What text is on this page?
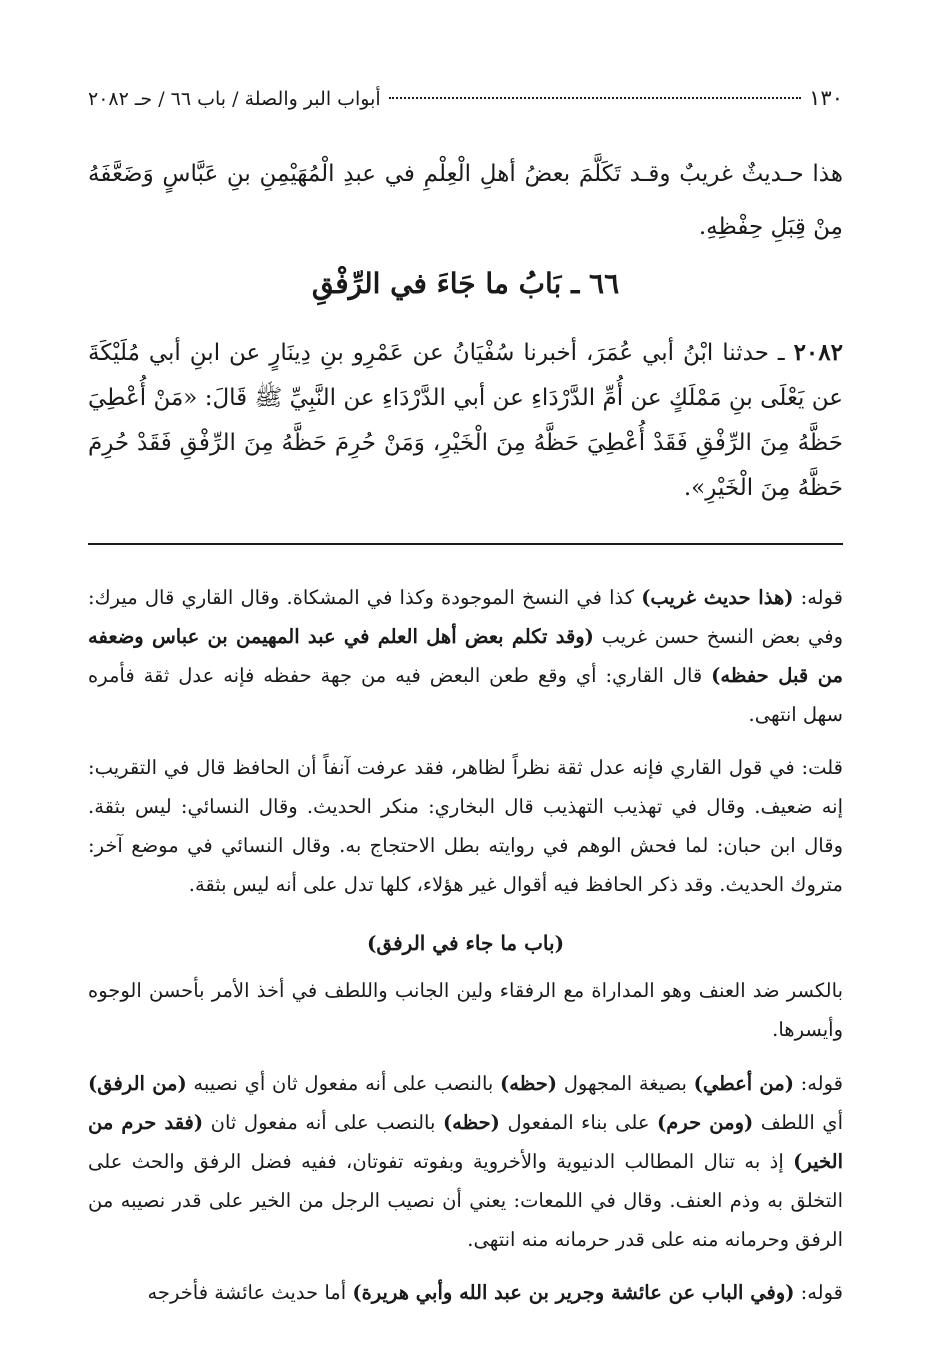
١٣٠
أبواب البر والصلة / باب ٦٦ / حـ ٢٠٨٢

هذا حـديثٌ غريبٌ وقـد تَكَلَّمَ بعضُ أهلِ الْعِلْمِ في عبدِ الْمُهَيْمِنِ بنِ عَبَّاسٍ وَضَعَّفَهُ مِنْ قِبَلِ حِفْظِهِ.

٦٦ ـ بَابُ ما جَاءَ في الرِّفْقِ

٢٠٨٢ ـ حدثنا ابْنُ أبي عُمَرَ، أخبرنا سُفْيَانُ عن عَمْرِو بنِ دِينَارٍ عن ابنِ أبي مُلَيْكَةَ عن يَعْلَى بنِ مَمْلَكٍ عن أُمِّ الدَّرْدَاءِ عن أبي الدَّرْدَاءِ عن النَّبِيِّ ﷺ قَالَ: «مَنْ أُعْطِيَ حَظَّهُ مِنَ الرِّفْقِ فَقَدْ أُعْطِيَ حَظَّهُ مِنَ الْخَيْرِ، وَمَنْ حُرِمَ حَظَّهُ مِنَ الرِّفْقِ فَقَدْ حُرِمَ حَظَّهُ مِنَ الْخَيْرِ».

قوله: (هذا حديث غريب) كذا في النسخ الموجودة وكذا في المشكاة. وقال القاري قال ميرك: وفي بعض النسخ حسن غريب (وقد تكلم بعض أهل العلم في عبد المهيمن بن عباس وضعفه من قبل حفظه) قال القاري: أي وقع طعن البعض فيه من جهة حفظه فإنه عدل ثقة فأمره سهل انتهى.

قلت: في قول القاري فإنه عدل ثقة نظراً لظاهر، فقد عرفت آنفاً أن الحافظ قال في التقريب: إنه ضعيف. وقال في تهذيب التهذيب قال البخاري: منكر الحديث. وقال النسائي: ليس بثقة. وقال ابن حبان: لما فحش الوهم في روايته بطل الاحتجاج به. وقال النسائي في موضع آخر: متروك الحديث. وقد ذكر الحافظ فيه أقوال غير هؤلاء، كلها تدل على أنه ليس بثقة.

(باب ما جاء في الرفق)

بالكسر ضد العنف وهو المداراة مع الرفقاء ولين الجانب واللطف في أخذ الأمر بأحسن الوجوه وأيسرها.

قوله: (من أعطي) بصيغة المجهول (حظه) بالنصب على أنه مفعول ثان أي نصيبه (من الرفق) أي اللطف (ومن حرم) على بناء المفعول (حظه) بالنصب على أنه مفعول ثان (فقد حرم من الخير) إذ به تنال المطالب الدنيوية والأخروية وبفوته تفوتان، ففيه فضل الرفق والحث على التخلق به وذم العنف. وقال في اللمعات: يعني أن نصيب الرجل من الخير على قدر نصيبه من الرفق وحرمانه منه على قدر حرمانه منه انتهى.

قوله: (وفي الباب عن عائشة وجرير بن عبد الله وأبي هريرة) أما حديث عائشة فأخرجه
